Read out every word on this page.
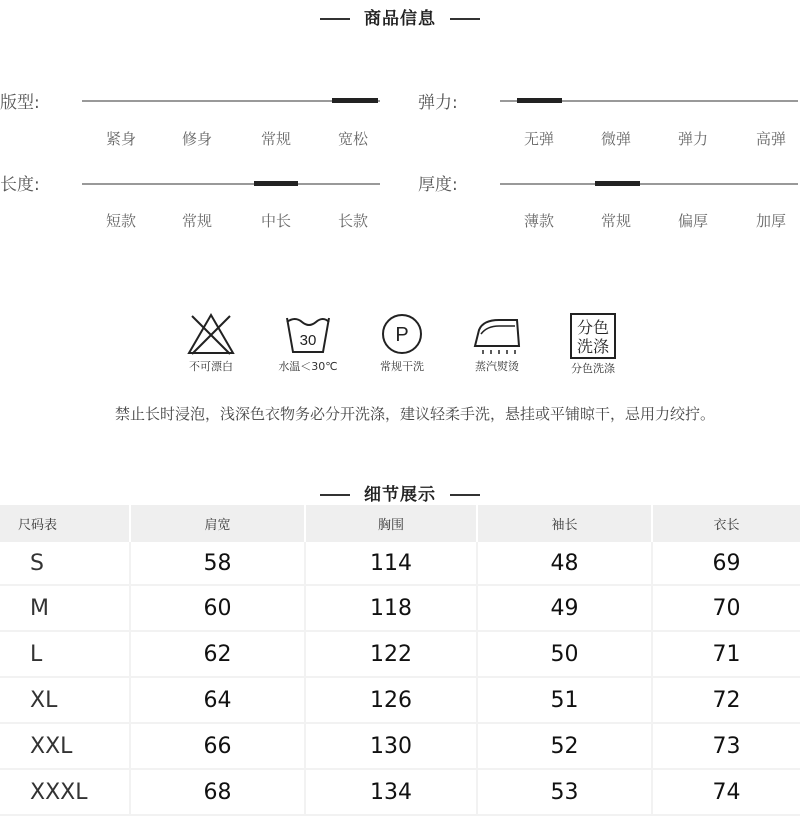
商品信息
版型:
紧身	修身	常规	宽松
弹力:
无弹	微弹	弹力	高弹
长度:
短款	常规	中长	长款
厚度:
薄款	常规	偏厚	加厚
不可漂白
30
水温＜30℃
P
常规干洗	蒸汽熨烫
分色
洗涤
分色洗涤
禁止长时浸泡，浅深色衣物务必分开洗涤，建议轻柔手洗，悬挂或平铺晾干，忌用力绞拧。
细节展示
尺码表	肩宽	胸围	袖长	衣长
S	58	114	48	69
M	60	118	49	70
L	62	122	50	71
XL	64	126	51	72
XXL	66	130	52	73
XXXL	68	134	53	74
